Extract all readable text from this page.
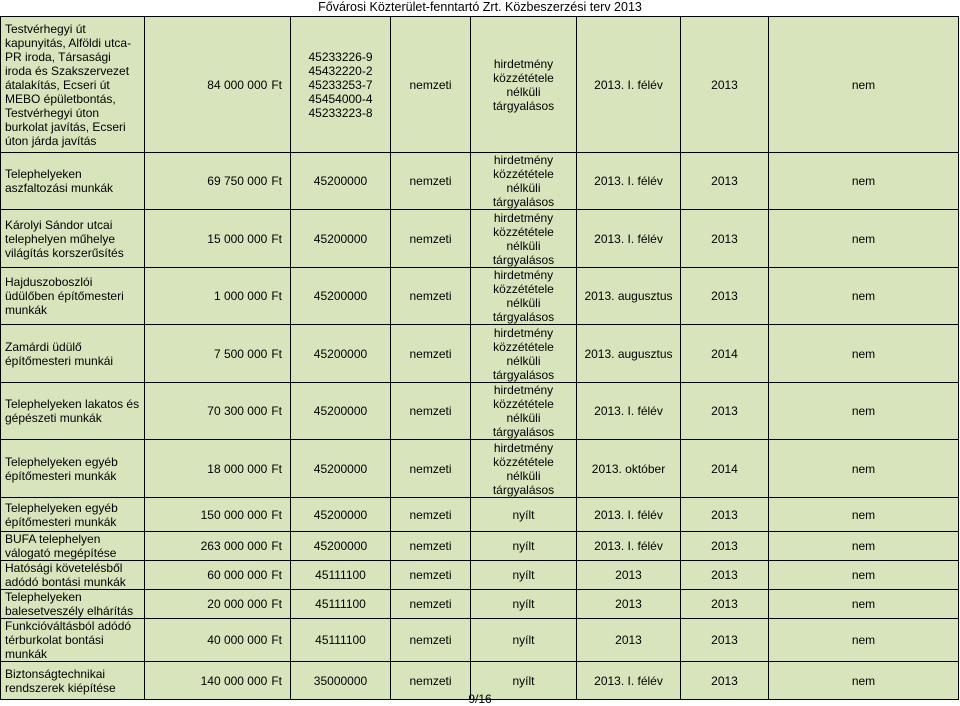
Fővárosi Közterület-fenntartó Zrt. Közbeszerzési terv 2013
Testvérhegyi út kapunyitás, Alföldi utca-PR iroda, Társasági iroda és Szakszervezet átalakítás, Ecseri út MEBO épületbontás, Testvérhegyi úton burkolat javítás, Ecseri úton járda javítás	84 000 000 Ft	45233226-9
45432220-2
45233253-7
45454000-4
45233223-8	nemzeti	hirdetmény
közzététele nélküli
tárgyalásos	2013. I. félév	2013	nem
Telephelyeken aszfaltozási munkák	69 750 000 Ft	45200000	nemzeti	hirdetmény
közzététele nélküli
tárgyalásos	2013. I. félév	2013	nem
Károlyi Sándor utcai telephelyen műhelye világítás korszerűsítés	15 000 000 Ft	45200000	nemzeti	hirdetmény
közzététele nélküli
tárgyalásos	2013. I. félév	2013	nem
Hajduszoboszlói üdülőben építőmesteri munkák	1 000 000 Ft	45200000	nemzeti	hirdetmény
közzététele nélküli
tárgyalásos	2013. augusztus	2013	nem
Zamárdi üdülő építőmesteri munkái	7 500 000 Ft	45200000	nemzeti	hirdetmény
közzététele nélküli
tárgyalásos	2013. augusztus	2014	nem
Telephelyeken lakatos és gépészeti munkák	70 300 000 Ft	45200000	nemzeti	hirdetmény
közzététele nélküli
tárgyalásos	2013. I. félév	2013	nem
Telephelyeken egyéb építőmesteri munkák	18 000 000 Ft	45200000	nemzeti	hirdetmény
közzététele nélküli
tárgyalásos	2013. október	2014	nem
Telephelyeken egyéb építőmesteri munkák	150 000 000 Ft	45200000	nemzeti	nyílt	2013. I. félév	2013	nem
BUFA telephelyen válogató megépítése	263 000 000 Ft	45200000	nemzeti	nyílt	2013. I. félév	2013	nem
Hatósági követelésből adódó bontási munkák	60 000 000 Ft	45111100	nemzeti	nyílt	2013	2013	nem
Telephelyeken balesetveszély elhárítás	20 000 000 Ft	45111100	nemzeti	nyílt	2013	2013	nem
Funkcióváltásból adódó térburkolat bontási munkák	40 000 000 Ft	45111100	nemzeti	nyílt	2013	2013	nem
Biztonságtechnikai rendszerek kiépítése	140 000 000 Ft	35000000	nemzeti	nyílt	2013. I. félév	2013	nem
9/16
